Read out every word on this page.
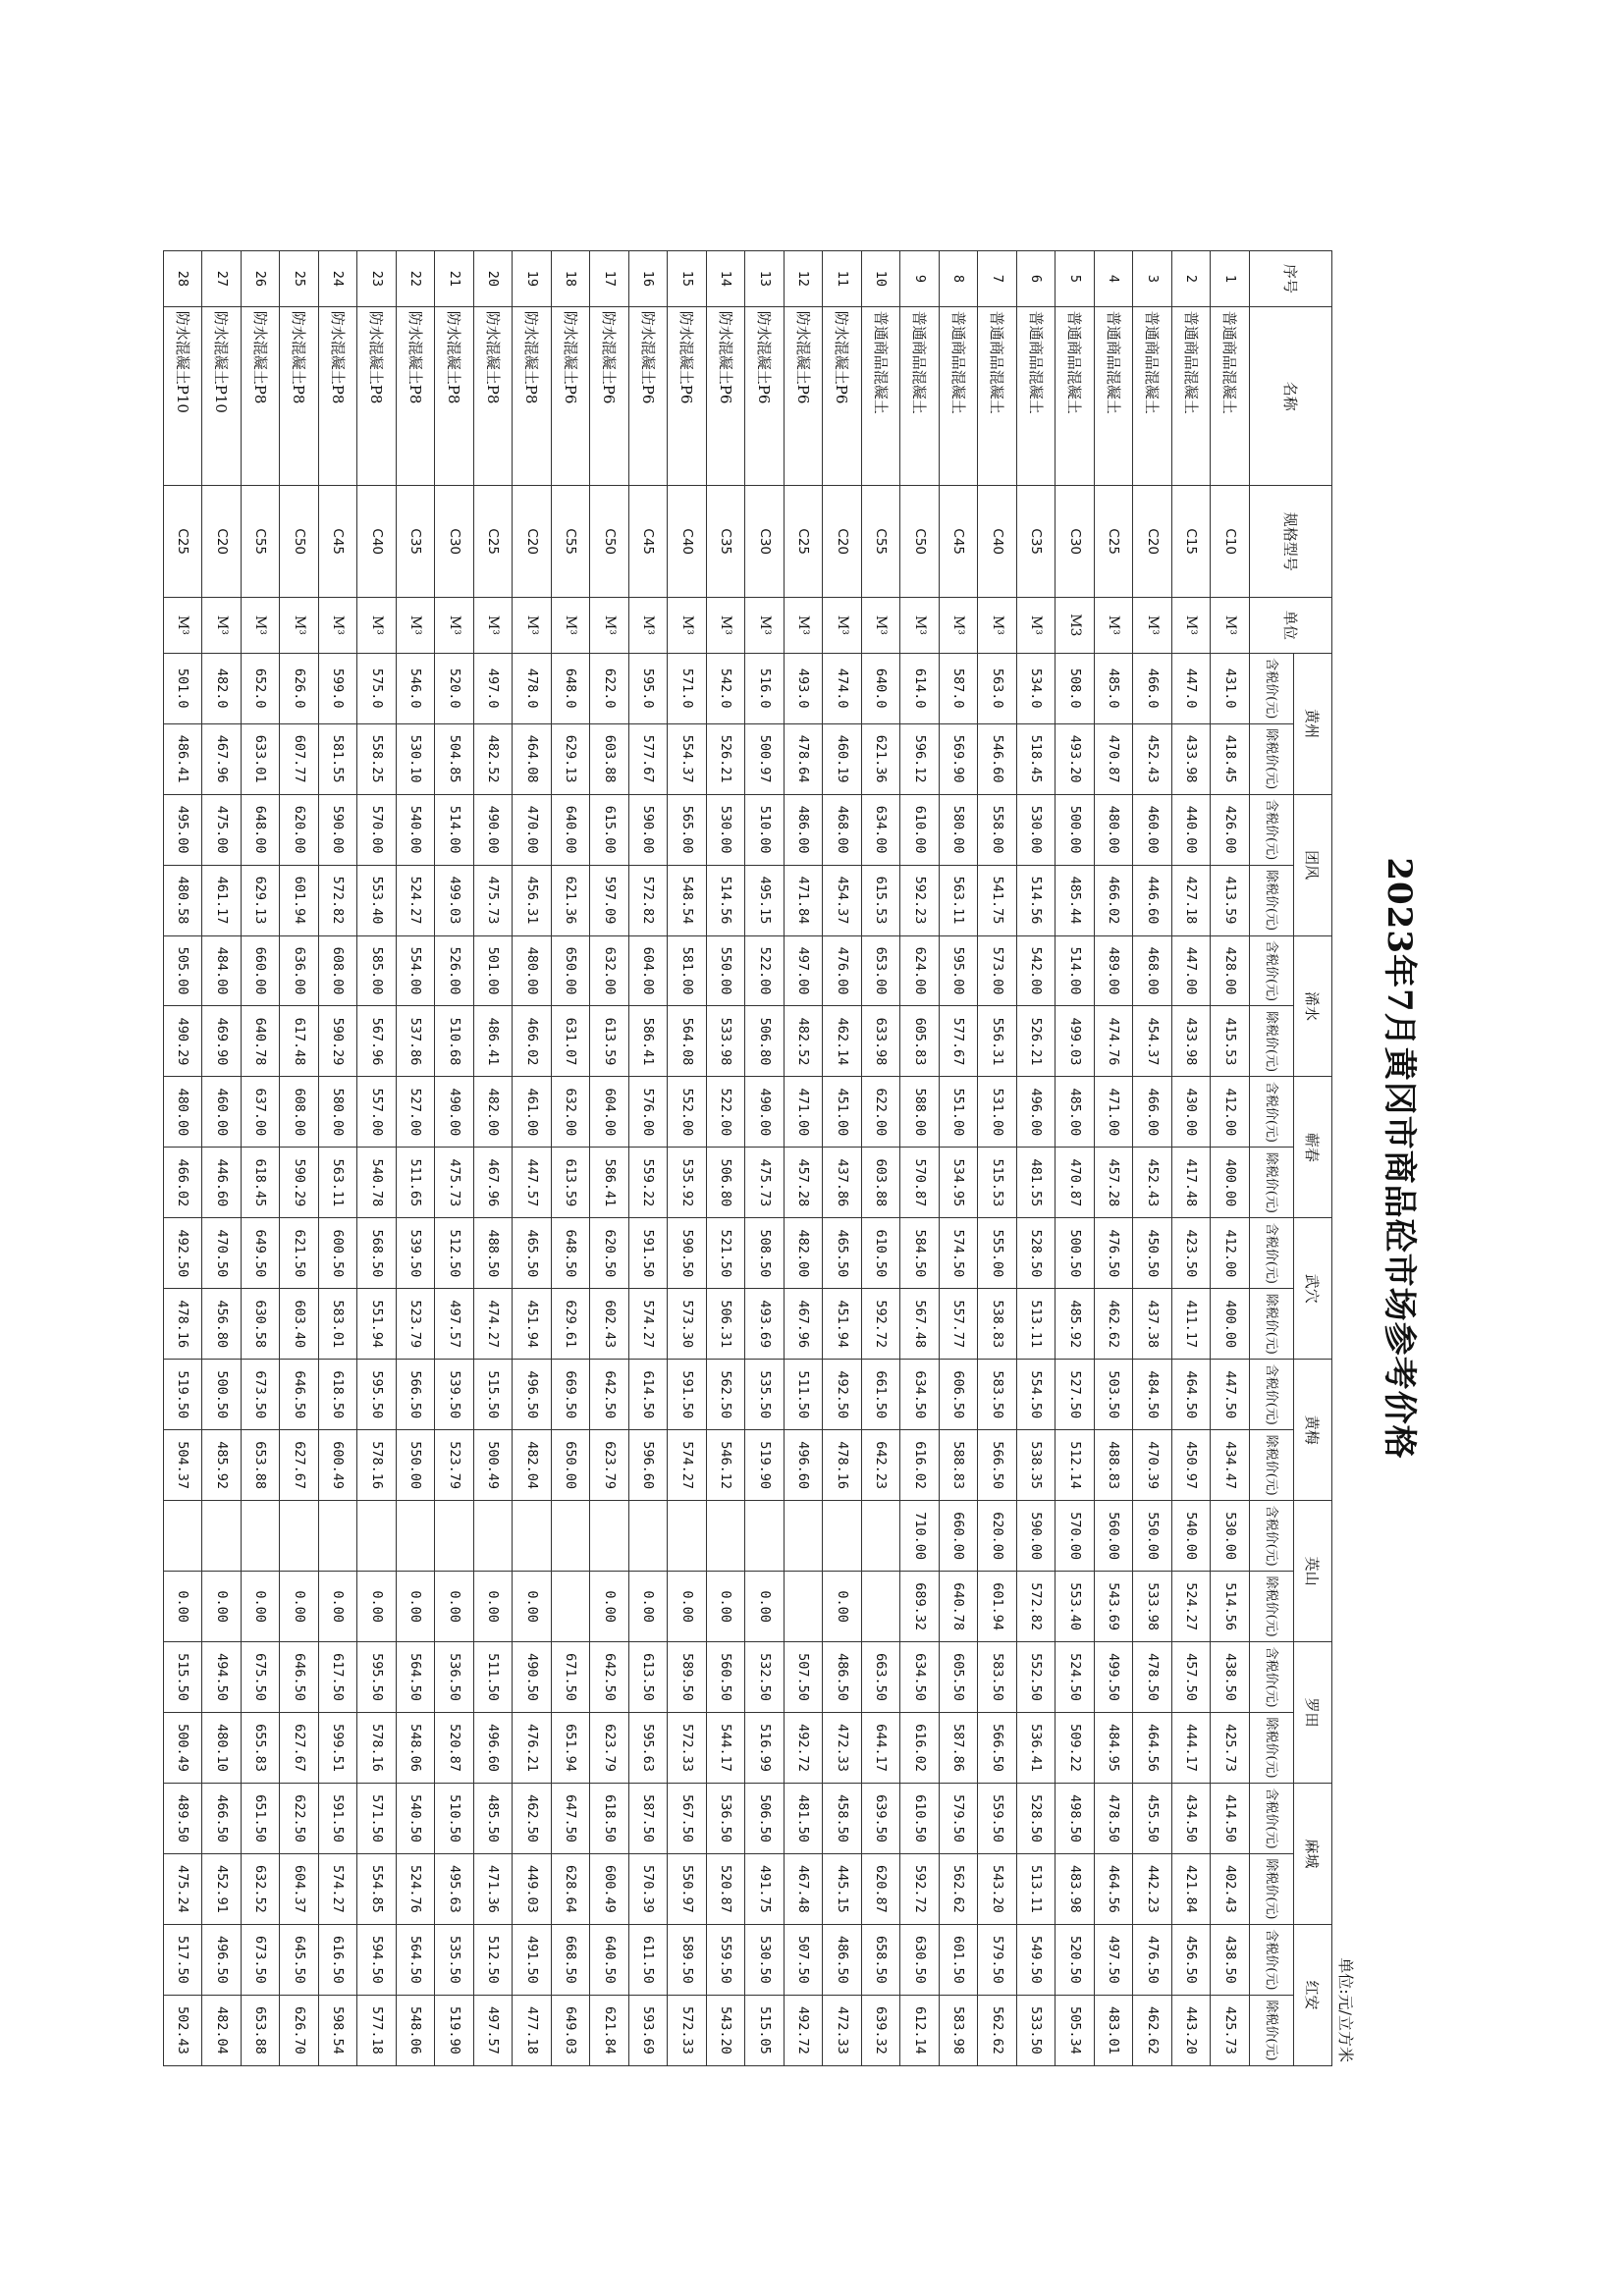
2023年7月黄冈市商品砼市场参考价格
单位:元/立方米
序号	名称	规格型号	单位	黄州		团风		浠水		蕲春		武穴		黄梅		英山		罗田		麻城		红安	
				含税价(元)	除税价(元)	含税价(元)	除税价(元)	含税价(元)	除税价(元)	含税价(元)	除税价(元)	含税价(元)	除税价(元)	含税价(元)	除税价(元)	含税价(元)	除税价(元)	含税价(元)	除税价(元)	含税价(元)	除税价(元)	含税价(元)	除税价(元)
1	普通商品混凝土	C10	M³	431.0	418.45	426.00	413.59	428.00	415.53	412.00	400.00	412.00	400.00	447.50	434.47	530.00	514.56	438.50	425.73	414.50	402.43	438.50	425.73
2	普通商品混凝土	C15	M³	447.0	433.98	440.00	427.18	447.00	433.98	430.00	417.48	423.50	411.17	464.50	450.97	540.00	524.27	457.50	444.17	434.50	421.84	456.50	443.20
3	普通商品混凝土	C20	M³	466.0	452.43	460.00	446.60	468.00	454.37	466.00	452.43	450.50	437.38	484.50	470.39	550.00	533.98	478.50	464.56	455.50	442.23	476.50	462.62
4	普通商品混凝土	C25	M³	485.0	470.87	480.00	466.02	489.00	474.76	471.00	457.28	476.50	462.62	503.50	488.83	560.00	543.69	499.50	484.95	478.50	464.56	497.50	483.01
5	普通商品混凝土	C30	M3	508.0	493.20	500.00	485.44	514.00	499.03	485.00	470.87	500.50	485.92	527.50	512.14	570.00	553.40	524.50	509.22	498.50	483.98	520.50	505.34
6	普通商品混凝土	C35	M³	534.0	518.45	530.00	514.56	542.00	526.21	496.00	481.55	528.50	513.11	554.50	538.35	590.00	572.82	552.50	536.41	528.50	513.11	549.50	533.50
7	普通商品混凝土	C40	M³	563.0	546.60	558.00	541.75	573.00	556.31	531.00	515.53	555.00	538.83	583.50	566.50	620.00	601.94	583.50	566.50	559.50	543.20	579.50	562.62
8	普通商品混凝土	C45	M³	587.0	569.90	580.00	563.11	595.00	577.67	551.00	534.95	574.50	557.77	606.50	588.83	660.00	640.78	605.50	587.86	579.50	562.62	601.50	583.98
9	普通商品混凝土	C50	M³	614.0	596.12	610.00	592.23	624.00	605.83	588.00	570.87	584.50	567.48	634.50	616.02	710.00	689.32	634.50	616.02	610.50	592.72	630.50	612.14
10	普通商品混凝土	C55	M³	640.0	621.36	634.00	615.53	653.00	633.98	622.00	603.88	610.50	592.72	661.50	642.23			663.50	644.17	639.50	620.87	658.50	639.32
11	防水混凝土P6	C20	M³	474.0	460.19	468.00	454.37	476.00	462.14	451.00	437.86	465.50	451.94	492.50	478.16		0.00	486.50	472.33	458.50	445.15	486.50	472.33
12	防水混凝土P6	C25	M³	493.0	478.64	486.00	471.84	497.00	482.52	471.00	457.28	482.00	467.96	511.50	496.60			507.50	492.72	481.50	467.48	507.50	492.72
13	防水混凝土P6	C30	M³	516.0	500.97	510.00	495.15	522.00	506.80	490.00	475.73	508.50	493.69	535.50	519.90		0.00	532.50	516.99	506.50	491.75	530.50	515.05
14	防水混凝土P6	C35	M³	542.0	526.21	530.00	514.56	550.00	533.98	522.00	506.80	521.50	506.31	562.50	546.12		0.00	560.50	544.17	536.50	520.87	559.50	543.20
15	防水混凝土P6	C40	M³	571.0	554.37	565.00	548.54	581.00	564.08	552.00	535.92	590.50	573.30	591.50	574.27		0.00	589.50	572.33	567.50	550.97	589.50	572.33
16	防水混凝土P6	C45	M³	595.0	577.67	590.00	572.82	604.00	586.41	576.00	559.22	591.50	574.27	614.50	596.60		0.00	613.50	595.63	587.50	570.39	611.50	593.69
17	防水混凝土P6	C50	M³	622.0	603.88	615.00	597.09	632.00	613.59	604.00	586.41	620.50	602.43	642.50	623.79		0.00	642.50	623.79	618.50	600.49	640.50	621.84
18	防水混凝土P6	C55	M³	648.0	629.13	640.00	621.36	650.00	631.07	632.00	613.59	648.50	629.61	669.50	650.00			671.50	651.94	647.50	628.64	668.50	649.03
19	防水混凝土P8	C20	M³	478.0	464.08	470.00	456.31	480.00	466.02	461.00	447.57	465.50	451.94	496.50	482.04		0.00	490.50	476.21	462.50	449.03	491.50	477.18
20	防水混凝土P8	C25	M³	497.0	482.52	490.00	475.73	501.00	486.41	482.00	467.96	488.50	474.27	515.50	500.49		0.00	511.50	496.60	485.50	471.36	512.50	497.57
21	防水混凝土P8	C30	M³	520.0	504.85	514.00	499.03	526.00	510.68	490.00	475.73	512.50	497.57	539.50	523.79		0.00	536.50	520.87	510.50	495.63	535.50	519.90
22	防水混凝土P8	C35	M³	546.0	530.10	540.00	524.27	554.00	537.86	527.00	511.65	539.50	523.79	566.50	550.00		0.00	564.50	548.06	540.50	524.76	564.50	548.06
23	防水混凝土P8	C40	M³	575.0	558.25	570.00	553.40	585.00	567.96	557.00	540.78	568.50	551.94	595.50	578.16		0.00	595.50	578.16	571.50	554.85	594.50	577.18
24	防水混凝土P8	C45	M³	599.0	581.55	590.00	572.82	608.00	590.29	580.00	563.11	600.50	583.01	618.50	600.49		0.00	617.50	599.51	591.50	574.27	616.50	598.54
25	防水混凝土P8	C50	M³	626.0	607.77	620.00	601.94	636.00	617.48	608.00	590.29	621.50	603.40	646.50	627.67		0.00	646.50	627.67	622.50	604.37	645.50	626.70
26	防水混凝土P8	C55	M³	652.0	633.01	648.00	629.13	660.00	640.78	637.00	618.45	649.50	630.58	673.50	653.88		0.00	675.50	655.83	651.50	632.52	673.50	653.88
27	防水混凝土P10	C20	M³	482.0	467.96	475.00	461.17	484.00	469.90	460.00	446.60	470.50	456.80	500.50	485.92		0.00	494.50	480.10	466.50	452.91	496.50	482.04
28	防水混凝土P10	C25	M³	501.0	486.41	495.00	480.58	505.00	490.29	480.00	466.02	492.50	478.16	519.50	504.37		0.00	515.50	500.49	489.50	475.24	517.50	502.43
